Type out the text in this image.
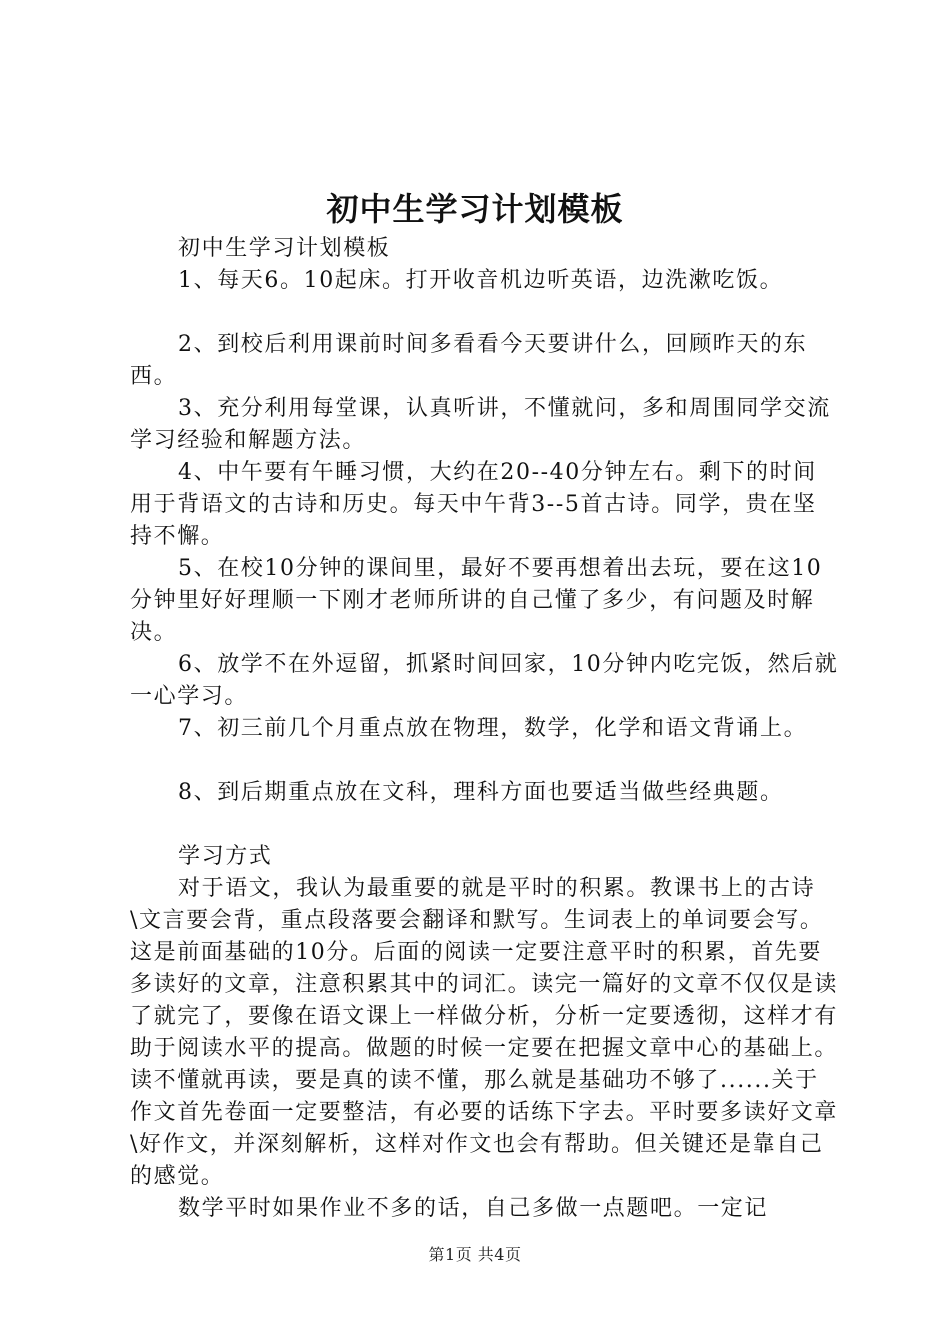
初中生学习计划模板

初中生学习计划模板

1、每天6。10起床。打开收音机边听英语，边洗漱吃饭。

2、到校后利用课前时间多看看今天要讲什么，回顾昨天的东西。

3、充分利用每堂课，认真听讲，不懂就问，多和周围同学交流学习经验和解题方法。

4、中午要有午睡习惯，大约在20--40分钟左右。剩下的时间用于背语文的古诗和历史。每天中午背3--5首古诗。同学，贵在坚持不懈。

5、在校10分钟的课间里，最好不要再想着出去玩，要在这10分钟里好好理顺一下刚才老师所讲的自己懂了多少，有问题及时解决。

6、放学不在外逗留，抓紧时间回家，10分钟内吃完饭，然后就一心学习。

7、初三前几个月重点放在物理，数学，化学和语文背诵上。

8、到后期重点放在文科，理科方面也要适当做些经典题。

学习方式

对于语文，我认为最重要的就是平时的积累。教课书上的古诗\文言要会背，重点段落要会翻译和默写。生词表上的单词要会写。这是前面基础的10分。后面的阅读一定要注意平时的积累，首先要多读好的文章，注意积累其中的词汇。读完一篇好的文章不仅仅是读了就完了，要像在语文课上一样做分析，分析一定要透彻，这样才有助于阅读水平的提高。做题的时候一定要在把握文章中心的基础上。读不懂就再读，要是真的读不懂，那么就是基础功不够了......关于作文首先卷面一定要整洁，有必要的话练下字去。平时要多读好文章\好作文，并深刻解析，这样对作文也会有帮助。但关键还是靠自己的感觉。

数学平时如果作业不多的话，自己多做一点题吧。一定记

第1页 共4页
